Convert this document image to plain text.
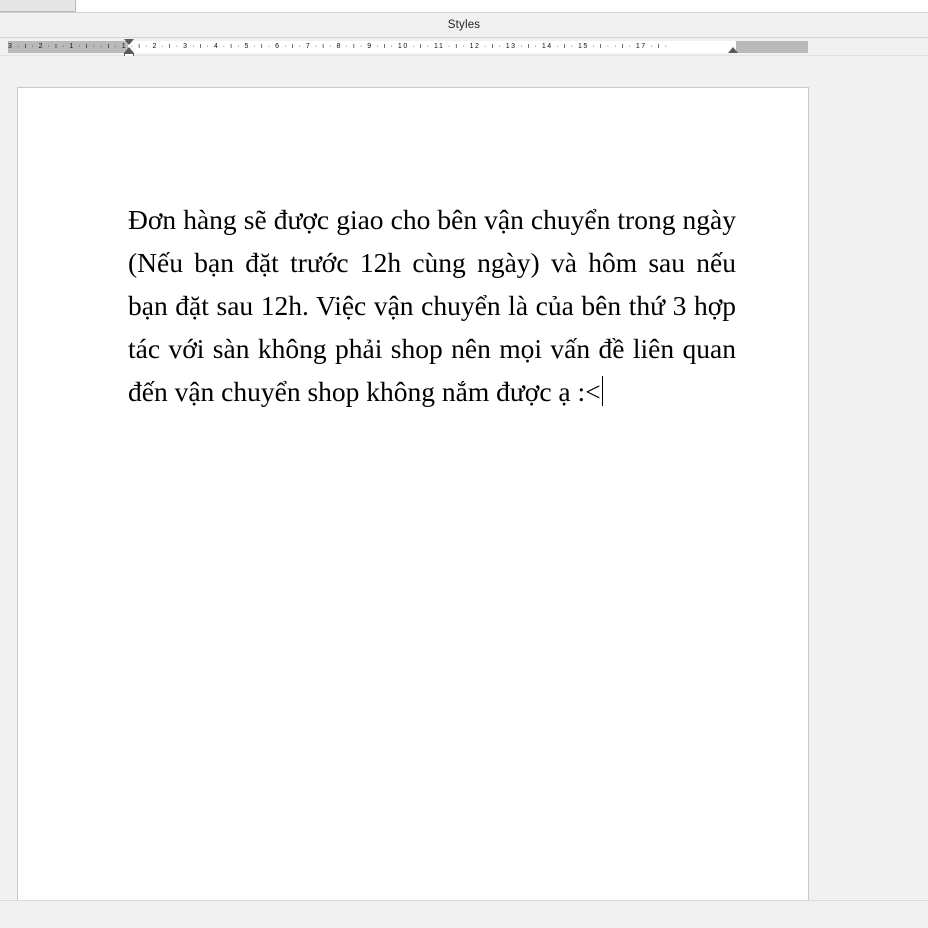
Styles
3 · ı · 2 · ı · 1 · ı · · ı · 1 · ı · 2 · ı · 3 · ı · 4 · ı · 5 · ı · 6 · ı · 7 · ı · 8 · ı · 9 · ı · 10 · ı · 11 · ı · 12 · ı · 13 · ı · 14 · ı · 15 · ı · · ı · 17 · ı ·

Đơn hàng sẽ được giao cho bên vận chuyển trong ngày (Nếu bạn đặt trước 12h cùng ngày) và hôm sau nếu bạn đặt sau 12h. Việc vận chuyển là của bên thứ 3 hợp tác với sàn không phải shop nên mọi vấn đề liên quan đến vận chuyển shop không nắm được ạ :<
